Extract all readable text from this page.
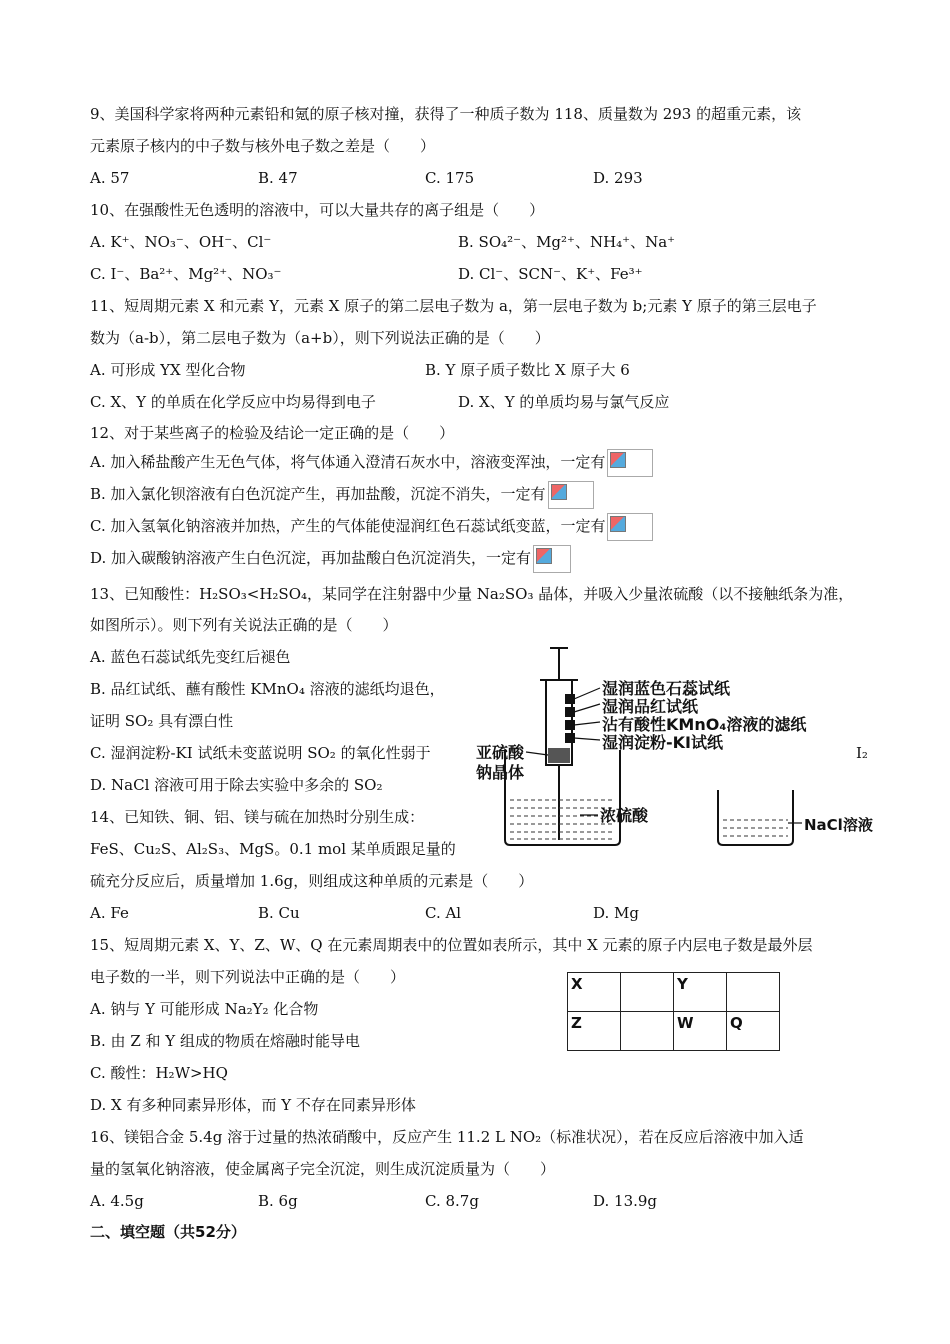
9、美国科学家将两种元素铅和氪的原子核对撞，获得了一种质子数为 118、质量数为 293 的超重元素，该
元素原子核内的中子数与核外电子数之差是（　　）
A. 57	B. 47	C. 175	D. 293
10、在强酸性无色透明的溶液中，可以大量共存的离子组是（　　）
A. K⁺、NO₃⁻、OH⁻、Cl⁻	B. SO₄²⁻、Mg²⁺、NH₄⁺、Na⁺
C. I⁻、Ba²⁺、Mg²⁺、NO₃⁻	D. Cl⁻、SCN⁻、K⁺、Fe³⁺
11、短周期元素 X 和元素 Y，元素 X 原子的第二层电子数为 a，第一层电子数为 b;元素 Y 原子的第三层电子
数为（a-b），第二层电子数为（a+b），则下列说法正确的是（　　）
A. 可形成 YX 型化合物	B. Y 原子质子数比 X 原子大 6
C. X、Y 的单质在化学反应中均易得到电子	D. X、Y 的单质均易与氯气反应
12、对于某些离子的检验及结论一定正确的是（　　）
A. 加入稀盐酸产生无色气体，将气体通入澄清石灰水中，溶液变浑浊，一定有
B. 加入氯化钡溶液有白色沉淀产生，再加盐酸，沉淀不消失，一定有
C. 加入氢氧化钠溶液并加热，产生的气体能使湿润红色石蕊试纸变蓝，一定有
D. 加入碳酸钠溶液产生白色沉淀，再加盐酸白色沉淀消失，一定有
13、已知酸性：H₂SO₃<H₂SO₄，某同学在注射器中少量 Na₂SO₃ 晶体，并吸入少量浓硫酸（以不接触纸条为准，
如图所示）。则下列有关说法正确的是（　　）
A. 蓝色石蕊试纸先变红后褪色
B. 品红试纸、蘸有酸性 KMnO₄ 溶液的滤纸均退色，
证明 SO₂ 具有漂白性
C. 湿润淀粉-KI 试纸未变蓝说明 SO₂ 的氧化性弱于	I₂
D. NaCl 溶液可用于除去实验中多余的 SO₂
亚硫酸
钠晶体
湿润蓝色石蕊试纸
湿润品红试纸
沾有酸性KMnO₄溶液的滤纸
湿润淀粉-KI试纸
浓硫酸	NaCl溶液
14、已知铁、铜、铝、镁与硫在加热时分别生成：
FeS、Cu₂S、Al₂S₃、MgS。0.1 mol 某单质跟足量的
硫充分反应后，质量增加 1.6g，则组成这种单质的元素是（　　）
A. Fe	B. Cu	C. Al	D. Mg
15、短周期元素 X、Y、Z、W、Q 在元素周期表中的位置如表所示，其中 X 元素的原子内层电子数是最外层
电子数的一半，则下列说法中正确的是（　　）
A. 钠与 Y 可能形成 Na₂Y₂ 化合物
B. 由 Z 和 Y 组成的物质在熔融时能导电
C. 酸性：H₂W>HQ
D. X 有多种同素异形体，而 Y 不存在同素异形体
X		Y	
Z		W	Q
16、镁铝合金 5.4g 溶于过量的热浓硝酸中，反应产生 11.2 L NO₂（标准状况），若在反应后溶液中加入适
量的氢氧化钠溶液，使金属离子完全沉淀，则生成沉淀质量为（　　）
A. 4.5g	B. 6g	C. 8.7g	D. 13.9g
二、填空题（共52分）
